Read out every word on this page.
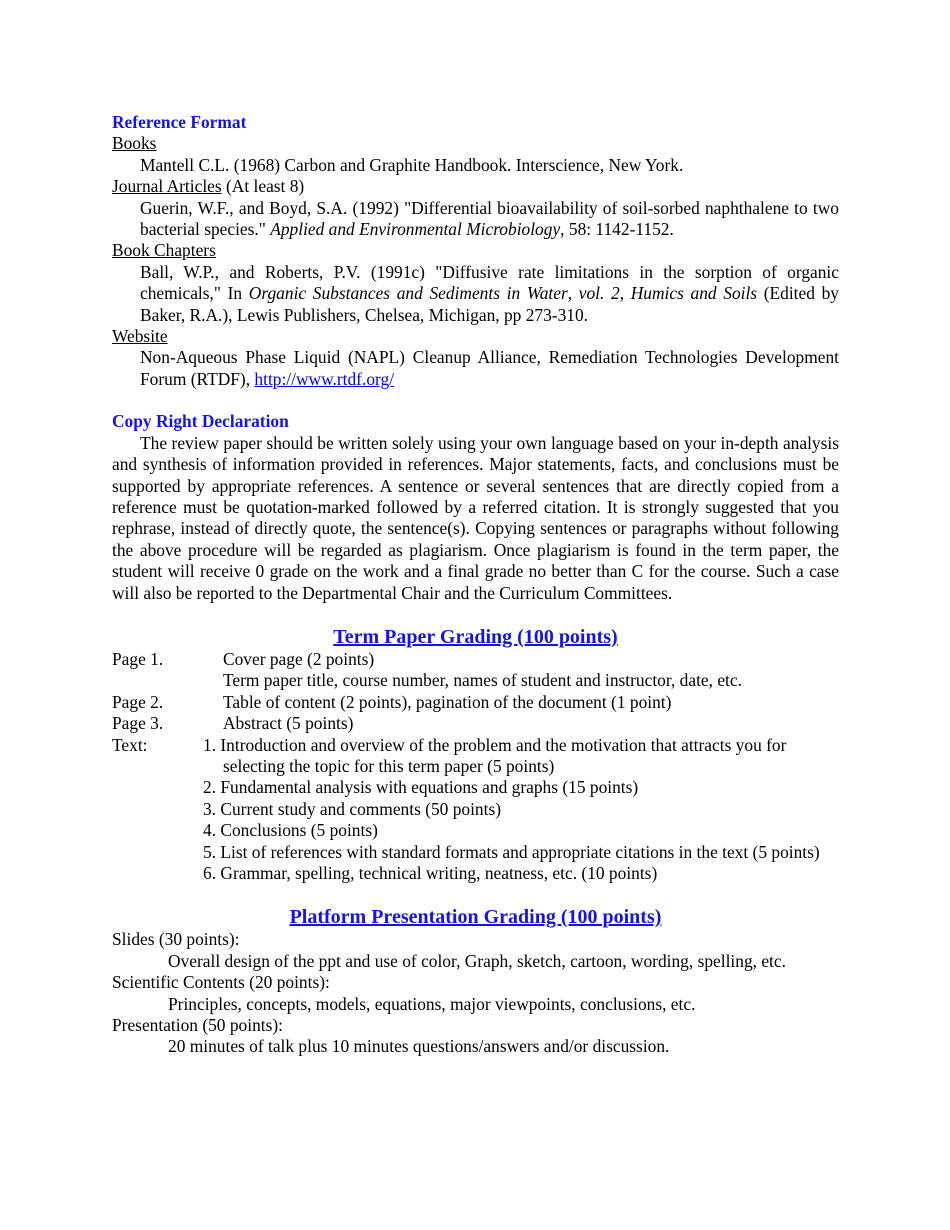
Reference Format
Books
Mantell C.L. (1968) Carbon and Graphite Handbook. Interscience, New York.
Journal Articles (At least 8)
Guerin, W.F., and Boyd, S.A. (1992) "Differential bioavailability of soil-sorbed naphthalene to two bacterial species." Applied and Environmental Microbiology, 58: 1142-1152.
Book Chapters
Ball, W.P., and Roberts, P.V. (1991c) "Diffusive rate limitations in the sorption of organic chemicals," In Organic Substances and Sediments in Water, vol. 2, Humics and Soils (Edited by Baker, R.A.), Lewis Publishers, Chelsea, Michigan, pp 273-310.
Website
Non-Aqueous Phase Liquid (NAPL) Cleanup Alliance, Remediation Technologies Development Forum (RTDF), http://www.rtdf.org/
Copy Right Declaration
The review paper should be written solely using your own language based on your in-depth analysis and synthesis of information provided in references. Major statements, facts, and conclusions must be supported by appropriate references. A sentence or several sentences that are directly copied from a reference must be quotation-marked followed by a referred citation. It is strongly suggested that you rephrase, instead of directly quote, the sentence(s). Copying sentences or paragraphs without following the above procedure will be regarded as plagiarism. Once plagiarism is found in the term paper, the student will receive 0 grade on the work and a final grade no better than C for the course. Such a case will also be reported to the Departmental Chair and the Curriculum Committees.
Term Paper Grading (100 points)
Page 1.	Cover page (2 points)
	Term paper title, course number, names of student and instructor, date, etc.
Page 2.	Table of content (2 points), pagination of the document (1 point)
Page 3.	Abstract (5 points)
Text:	1. Introduction and overview of the problem and the motivation that attracts you for selecting the topic for this term paper (5 points)
	2. Fundamental analysis with equations and graphs (15 points)
	3. Current study and comments (50 points)
	4. Conclusions (5 points)
	5. List of references with standard formats and appropriate citations in the text (5 points)
	6. Grammar, spelling, technical writing, neatness, etc. (10 points)
Platform Presentation Grading (100 points)
Slides (30 points):
Overall design of the ppt and use of color, Graph, sketch, cartoon, wording, spelling, etc.
Scientific Contents (20 points):
Principles, concepts, models, equations, major viewpoints, conclusions, etc.
Presentation (50 points):
20 minutes of talk plus 10 minutes questions/answers and/or discussion.
